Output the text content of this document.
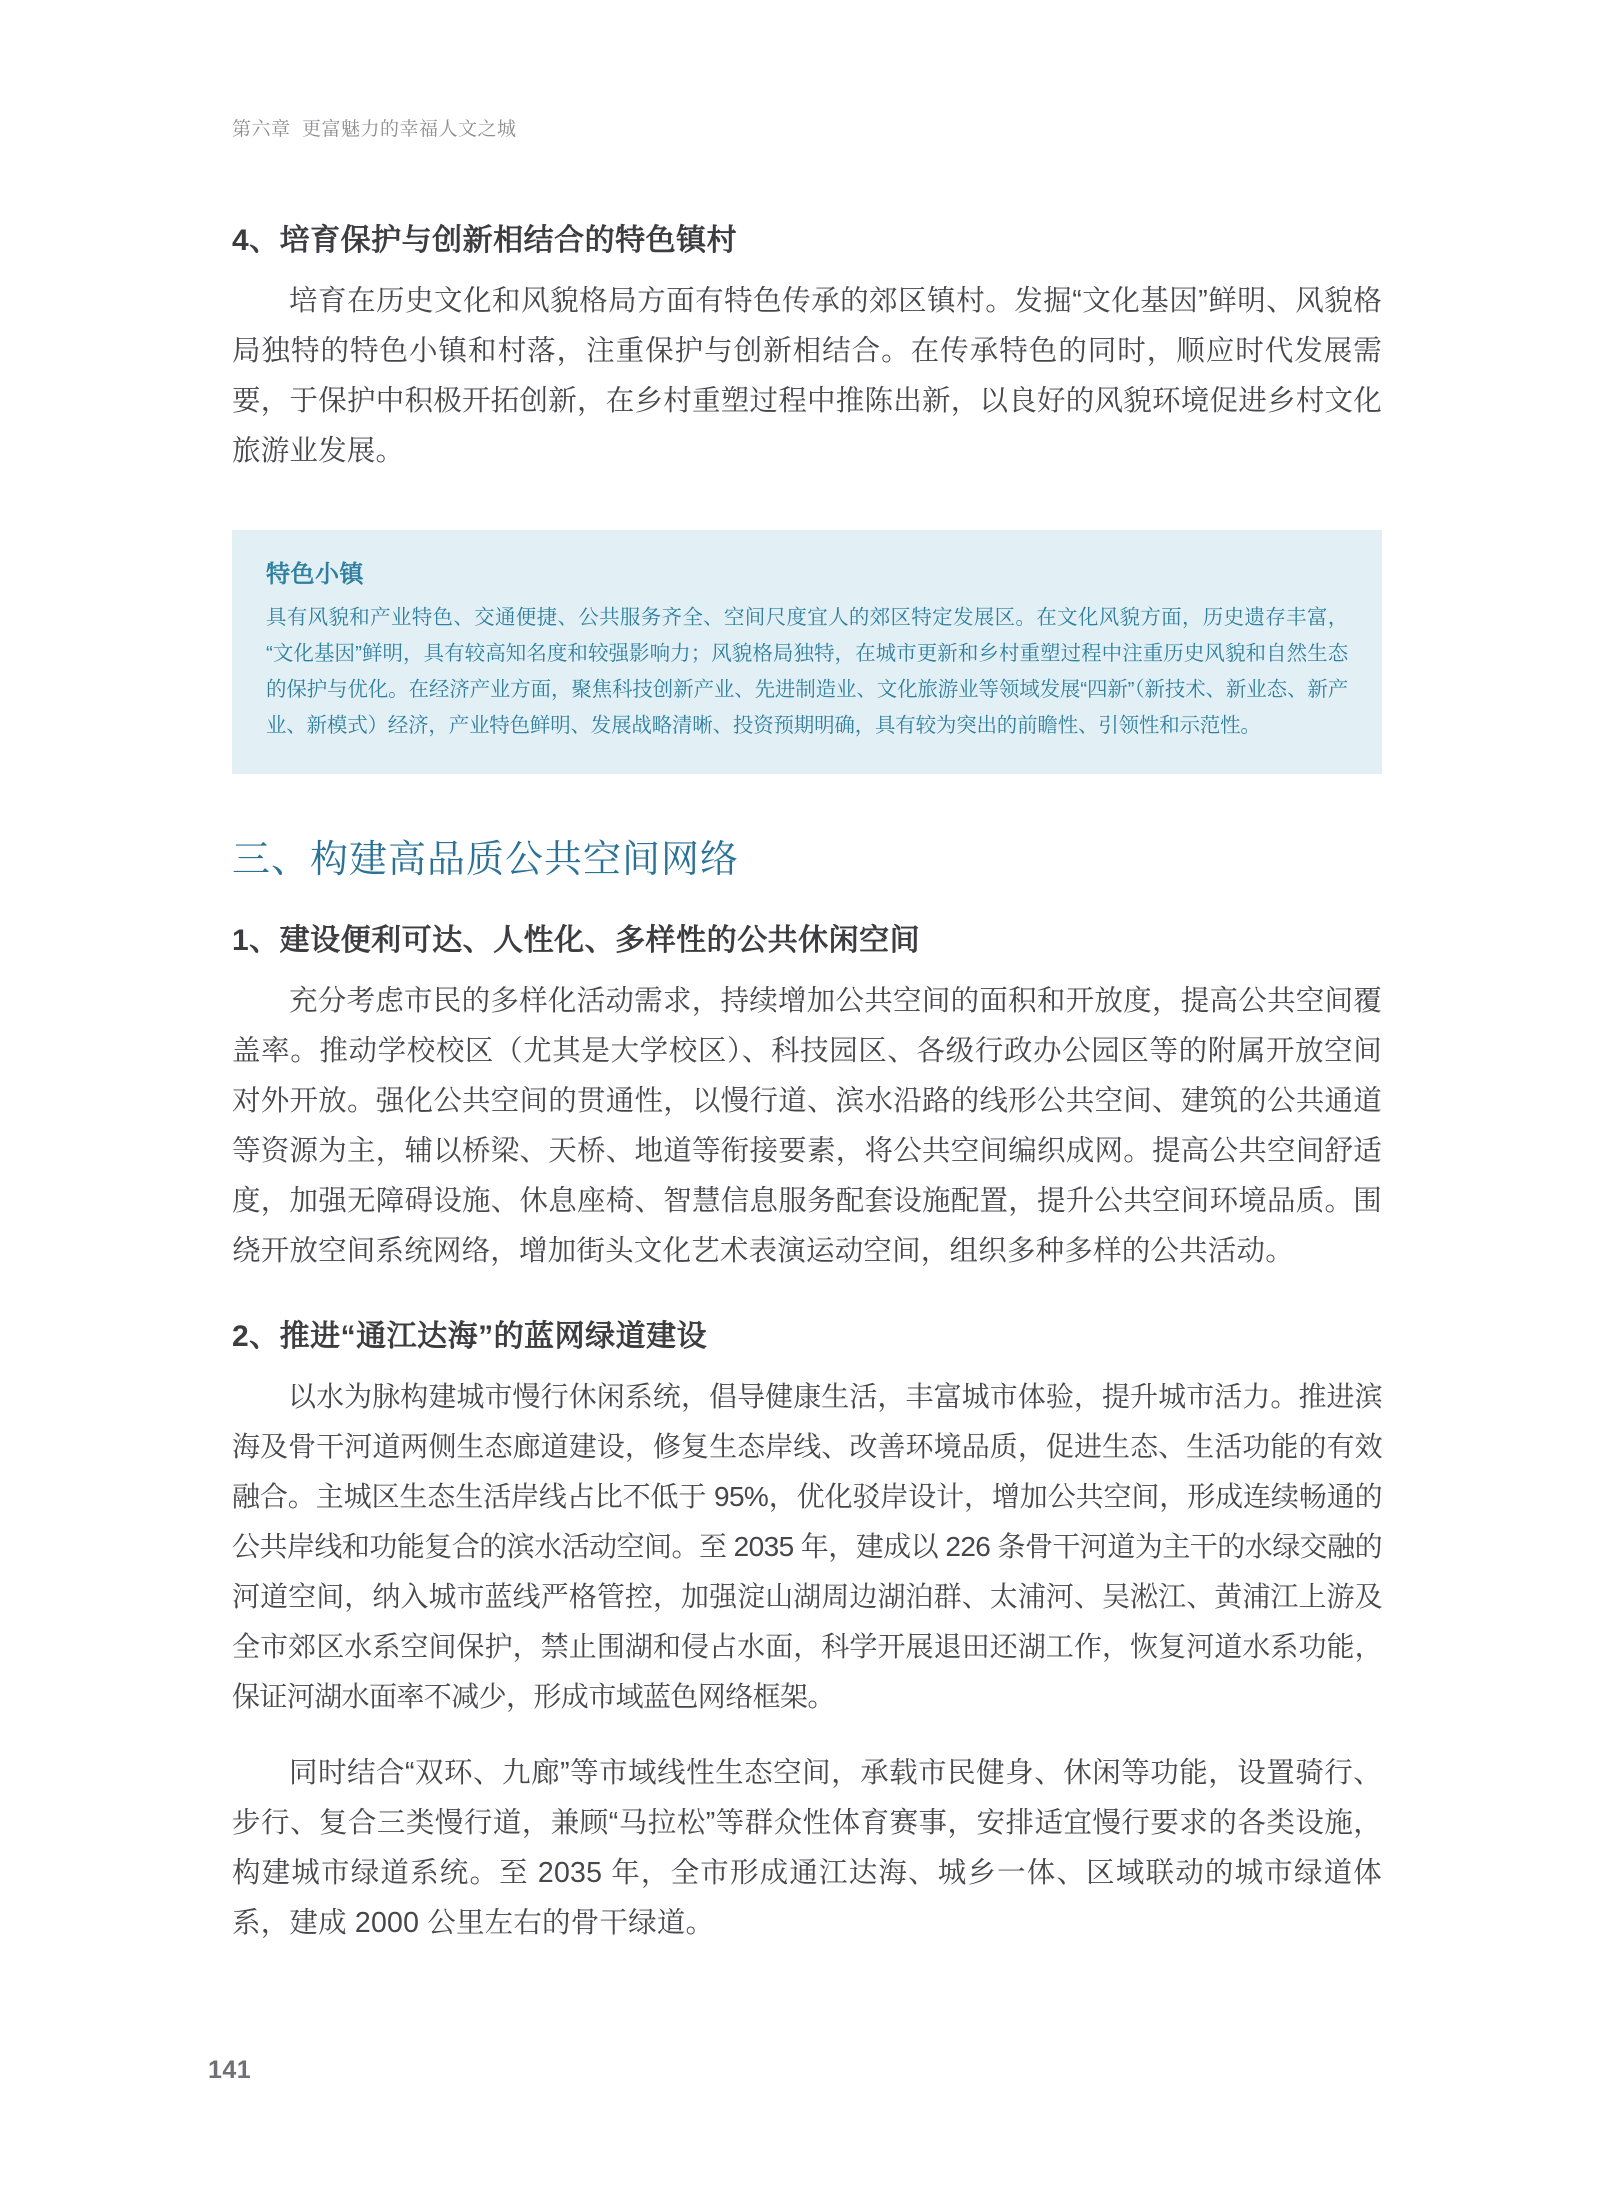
第六章  更富魅力的幸福人文之城
4、培育保护与创新相结合的特色镇村

培育在历史文化和风貌格局方面有特色传承的郊区镇村。发掘“文化基因”鲜明、风貌格局独特的特色小镇和村落，注重保护与创新相结合。在传承特色的同时，顺应时代发展需要，于保护中积极开拓创新，在乡村重塑过程中推陈出新，以良好的风貌环境促进乡村文化旅游业发展。

特色小镇
具有风貌和产业特色、交通便捷、公共服务齐全、空间尺度宜人的郊区特定发展区。在文化风貌方面，历史遗存丰富，“文化基因”鲜明，具有较高知名度和较强影响力；风貌格局独特，在城市更新和乡村重塑过程中注重历史风貌和自然生态的保护与优化。在经济产业方面，聚焦科技创新产业、先进制造业、文化旅游业等领域发展“四新”（新技术、新业态、新产业、新模式）经济，产业特色鲜明、发展战略清晰、投资预期明确，具有较为突出的前瞻性、引领性和示范性。
三、构建高品质公共空间网络
1、建设便利可达、人性化、多样性的公共休闲空间

充分考虑市民的多样化活动需求，持续增加公共空间的面积和开放度，提高公共空间覆盖率。推动学校校区（尤其是大学校区）、科技园区、各级行政办公园区等的附属开放空间对外开放。强化公共空间的贯通性，以慢行道、滨水沿路的线形公共空间、建筑的公共通道等资源为主，辅以桥梁、天桥、地道等衔接要素，将公共空间编织成网。提高公共空间舒适度，加强无障碍设施、休息座椅、智慧信息服务配套设施配置，提升公共空间环境品质。围绕开放空间系统网络，增加街头文化艺术表演运动空间，组织多种多样的公共活动。

2、推进“通江达海”的蓝网绿道建设

以水为脉构建城市慢行休闲系统，倡导健康生活，丰富城市体验，提升城市活力。推进滨海及骨干河道两侧生态廊道建设，修复生态岸线、改善环境品质，促进生态、生活功能的有效融合。主城区生态生活岸线占比不低于 95%，优化驳岸设计，增加公共空间，形成连续畅通的公共岸线和功能复合的滨水活动空间。至 2035 年，建成以 226 条骨干河道为主干的水绿交融的河道空间，纳入城市蓝线严格管控，加强淀山湖周边湖泊群、太浦河、吴淞江、黄浦江上游及全市郊区水系空间保护，禁止围湖和侵占水面，科学开展退田还湖工作，恢复河道水系功能，保证河湖水面率不减少，形成市域蓝色网络框架。

同时结合“双环、九廊”等市域线性生态空间，承载市民健身、休闲等功能，设置骑行、步行、复合三类慢行道，兼顾“马拉松”等群众性体育赛事，安排适宜慢行要求的各类设施，构建城市绿道系统。至 2035 年，全市形成通江达海、城乡一体、区域联动的城市绿道体系，建成 2000 公里左右的骨干绿道。

141
